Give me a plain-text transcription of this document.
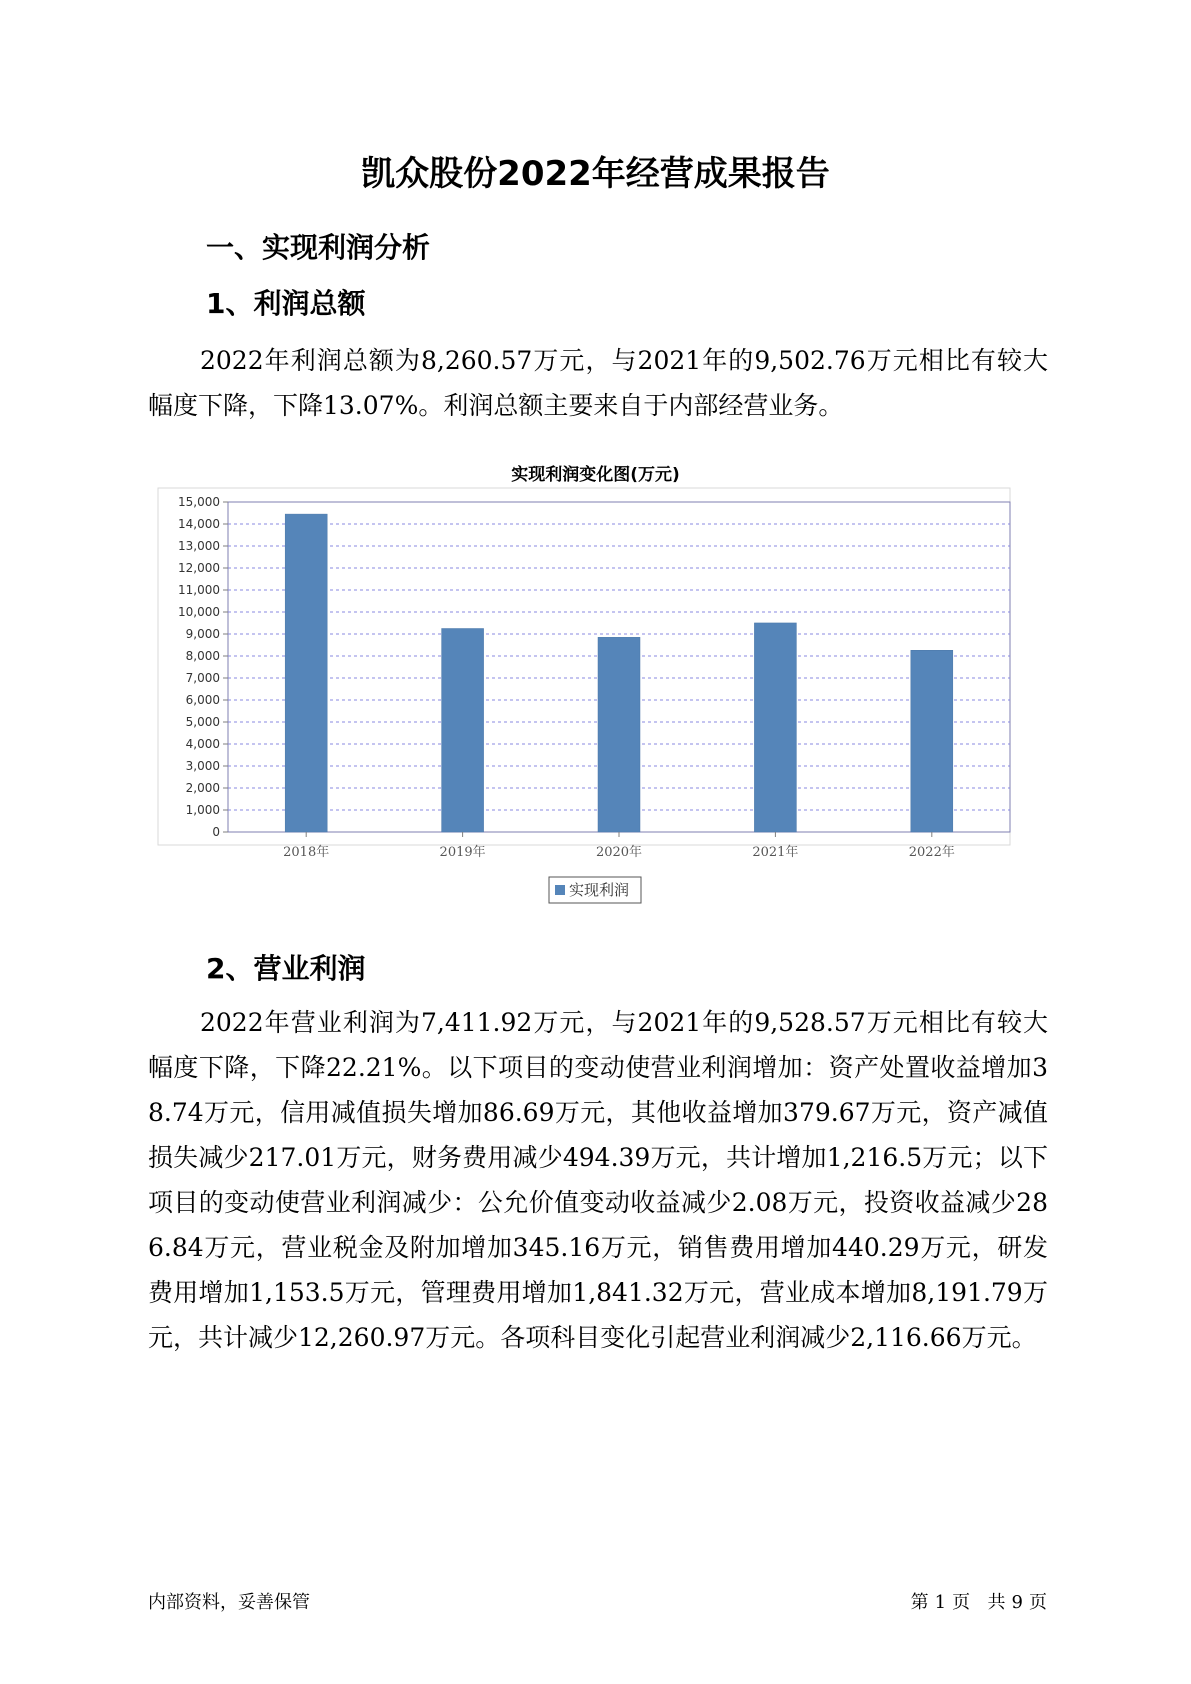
凯众股份2022年经营成果报告
一、实现利润分析
1、利润总额
2022年利润总额为8,260.57万元，与2021年的9,502.76万元相比有较大幅度下降，下降13.07%。利润总额主要来自于内部经营业务。
实现利润变化图(万元)
0
1,000
2,000
3,000
4,000
5,000
6,000
7,000
8,000
9,000
10,000
11,000
12,000
13,000
14,000
15,000
2018年	2019年	2020年	2021年	2022年
实现利润
2、营业利润
2022年营业利润为7,411.92万元，与2021年的9,528.57万元相比有较大幅度下降，下降22.21%。以下项目的变动使营业利润增加：资产处置收益增加38.74万元，信用减值损失增加86.69万元，其他收益增加379.67万元，资产减值损失减少217.01万元，财务费用减少494.39万元，共计增加1,216.5万元；以下项目的变动使营业利润减少：公允价值变动收益减少2.08万元，投资收益减少286.84万元，营业税金及附加增加345.16万元，销售费用增加440.29万元，研发费用增加1,153.5万元，管理费用增加1,841.32万元，营业成本增加8,191.79万元，共计减少12,260.97万元。各项科目变化引起营业利润减少2,116.66万元。
内部资料，妥善保管	第 1 页 共 9 页
